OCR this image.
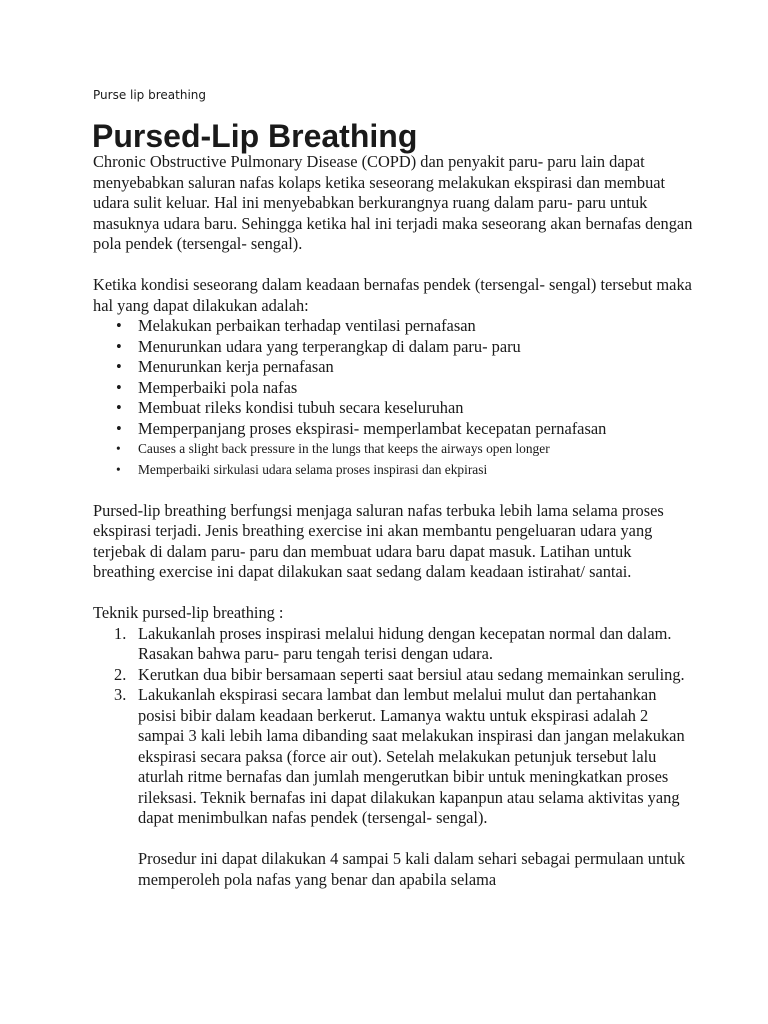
Purse lip breathing
Pursed-Lip Breathing

Chronic Obstructive Pulmonary Disease (COPD) dan penyakit paru- paru lain dapat menyebabkan saluran nafas kolaps ketika seseorang melakukan ekspirasi dan membuat udara sulit keluar. Hal ini menyebabkan berkurangnya ruang dalam paru- paru untuk masuknya udara baru. Sehingga ketika hal ini terjadi maka seseorang akan bernafas dengan pola pendek (tersengal- sengal).

Ketika kondisi seseorang dalam keadaan bernafas pendek (tersengal- sengal) tersebut maka hal yang dapat dilakukan adalah:

• Melakukan perbaikan terhadap ventilasi pernafasan
• Menurunkan udara yang terperangkap di dalam paru- paru
• Menurunkan kerja pernafasan
• Memperbaiki pola nafas
• Membuat rileks kondisi tubuh secara keseluruhan
• Memperpanjang proses ekspirasi- memperlambat kecepatan pernafasan
• Causes a slight back pressure in the lungs that keeps the airways open longer
• Memperbaiki sirkulasi udara selama proses inspirasi dan ekpirasi

Pursed-lip breathing berfungsi menjaga saluran nafas terbuka lebih lama selama proses ekspirasi terjadi. Jenis breathing exercise ini akan membantu pengeluaran udara yang terjebak di dalam paru- paru dan membuat udara baru dapat masuk. Latihan untuk breathing exercise ini dapat dilakukan saat sedang dalam keadaan istirahat/ santai.

Teknik pursed-lip breathing :

1. Lakukanlah proses inspirasi melalui hidung dengan kecepatan normal dan dalam. Rasakan bahwa paru- paru tengah terisi dengan udara.
2. Kerutkan dua bibir bersamaan seperti saat bersiul atau sedang memainkan seruling.
3. Lakukanlah ekspirasi secara lambat dan lembut melalui mulut dan pertahankan posisi bibir dalam keadaan berkerut. Lamanya waktu untuk ekspirasi adalah 2 sampai 3 kali lebih lama dibanding saat melakukan inspirasi dan jangan melakukan ekspirasi secara paksa (force air out). Setelah melakukan petunjuk tersebut lalu aturlah ritme bernafas dan jumlah mengerutkan bibir untuk meningkatkan proses rileksasi. Teknik bernafas ini dapat dilakukan kapanpun atau selama aktivitas yang dapat menimbulkan nafas pendek (tersengal- sengal).

Prosedur ini dapat dilakukan 4 sampai 5 kali dalam sehari sebagai permulaan untuk memperoleh pola nafas yang benar dan apabila selama
